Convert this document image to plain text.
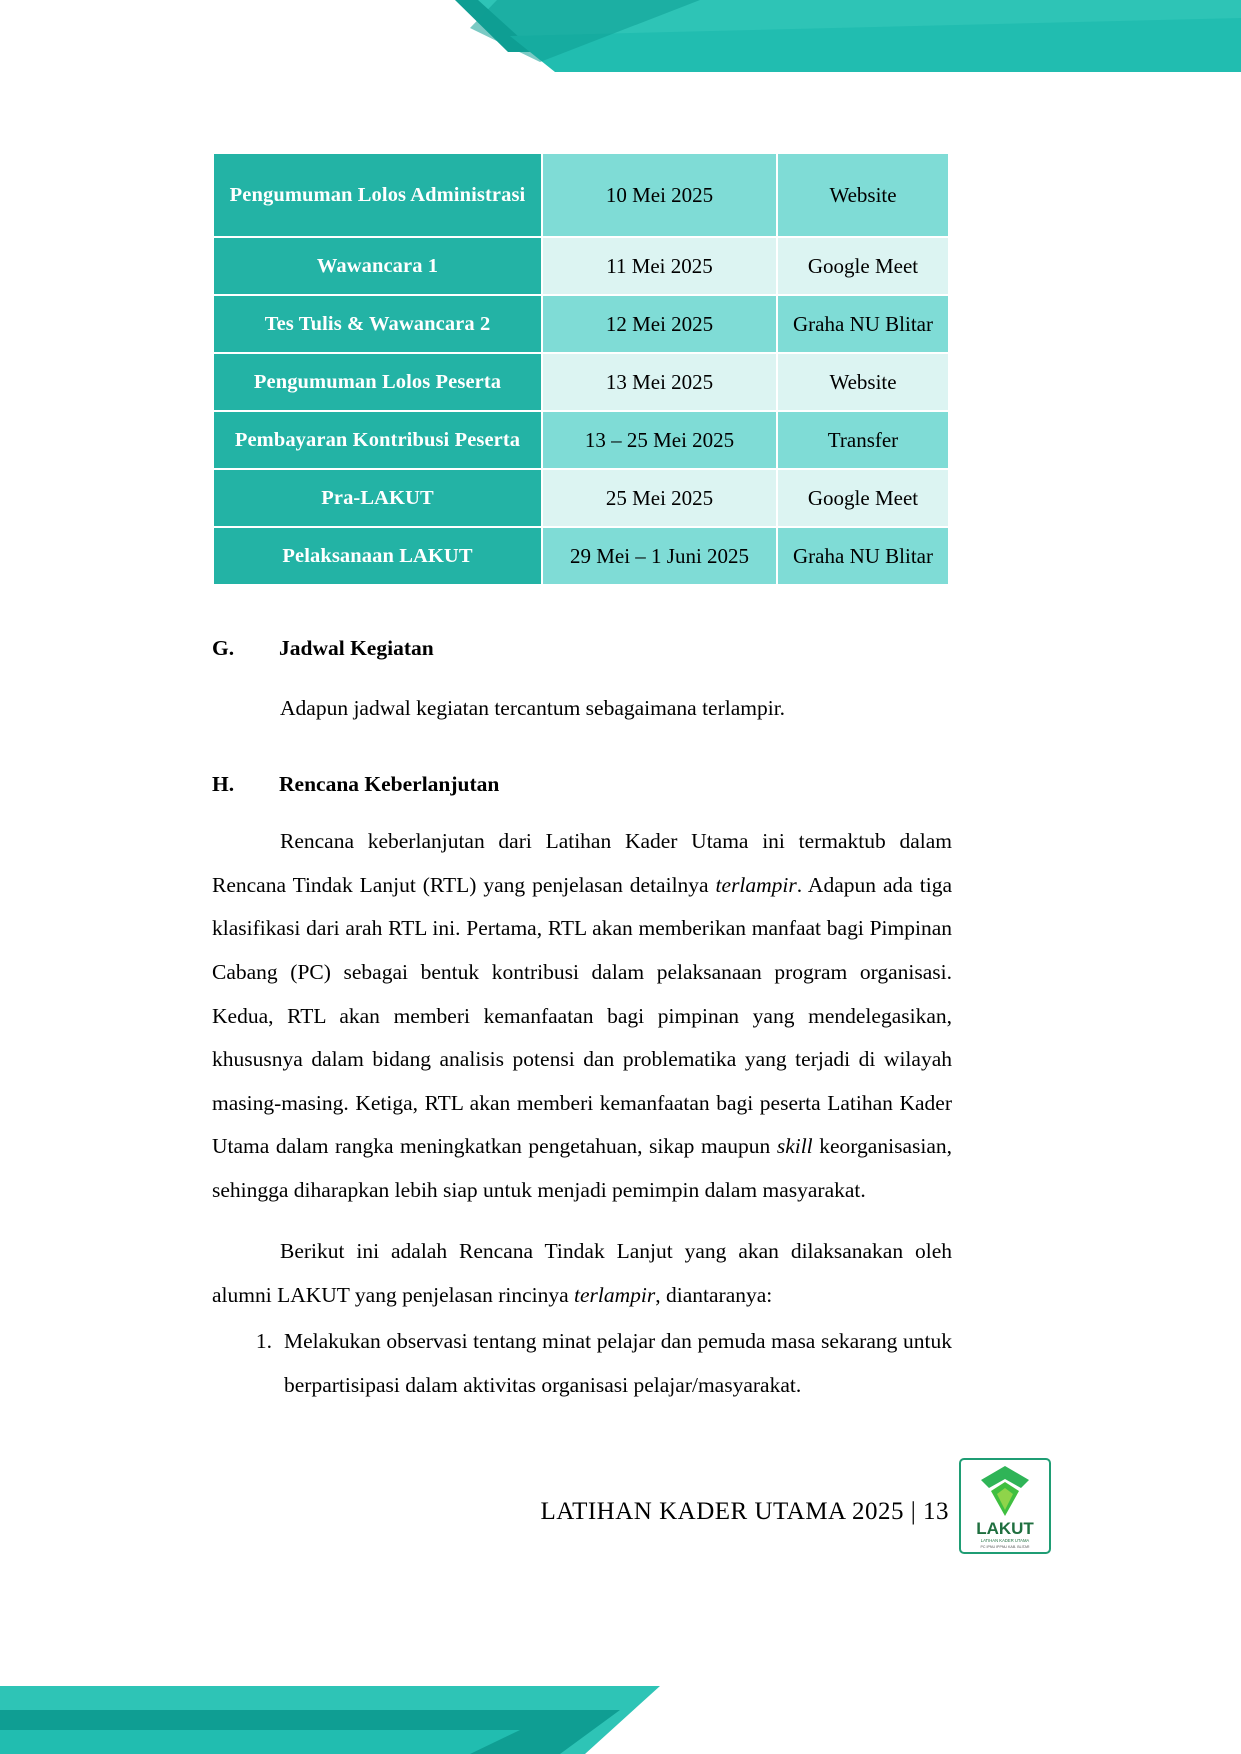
Pengumuman Lolos Administrasi	10 Mei 2025	Website
Wawancara 1	11 Mei 2025	Google Meet
Tes Tulis & Wawancara 2	12 Mei 2025	Graha NU Blitar
Pengumuman Lolos Peserta	13 Mei 2025	Website
Pembayaran Kontribusi Peserta	13 – 25 Mei 2025	Transfer
Pra-LAKUT	25 Mei 2025	Google Meet
Pelaksanaan LAKUT	29 Mei – 1 Juni 2025	Graha NU Blitar
G. Jadwal Kegiatan
Adapun jadwal kegiatan tercantum sebagaimana terlampir.
H. Rencana Keberlanjutan
Rencana keberlanjutan dari Latihan Kader Utama ini termaktub dalam Rencana Tindak Lanjut (RTL) yang penjelasan detailnya terlampir. Adapun ada tiga klasifikasi dari arah RTL ini. Pertama, RTL akan memberikan manfaat bagi Pimpinan Cabang (PC) sebagai bentuk kontribusi dalam pelaksanaan program organisasi. Kedua, RTL akan memberi kemanfaatan bagi pimpinan yang mendelegasikan, khususnya dalam bidang analisis potensi dan problematika yang terjadi di wilayah masing-masing. Ketiga, RTL akan memberi kemanfaatan bagi peserta Latihan Kader Utama dalam rangka meningkatkan pengetahuan, sikap maupun skill keorganisasian, sehingga diharapkan lebih siap untuk menjadi pemimpin dalam masyarakat.
Berikut ini adalah Rencana Tindak Lanjut yang akan dilaksanakan oleh alumni LAKUT yang penjelasan rincinya terlampir, diantaranya:
1. Melakukan observasi tentang minat pelajar dan pemuda masa sekarang untuk berpartisipasi dalam aktivitas organisasi pelajar/masyarakat.
LATIHAN KADER UTAMA 2025 | 13
LAKUT
LATIHAN KADER UTAMA
PC IPNU IPPNU KAB. BLITAR
